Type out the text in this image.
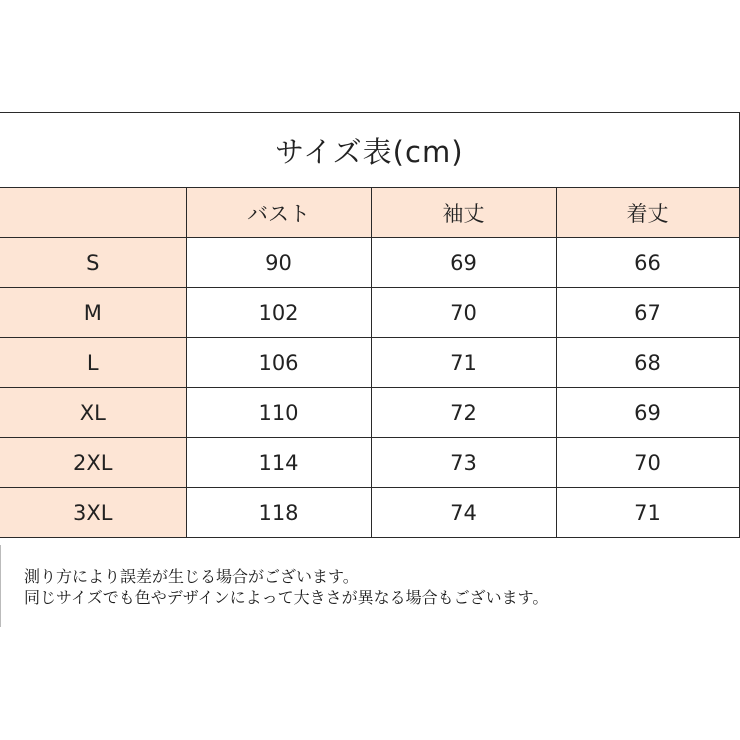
サイズ表(cm)			
	バスト	袖丈	着丈
S	90	69	66
M	102	70	67
L	106	71	68
XL	110	72	69
2XL	114	73	70
3XL	118	74	71

測り方により誤差が生じる場合がございます。

同じサイズでも色やデザインによって大きさが異なる場合もございます。
